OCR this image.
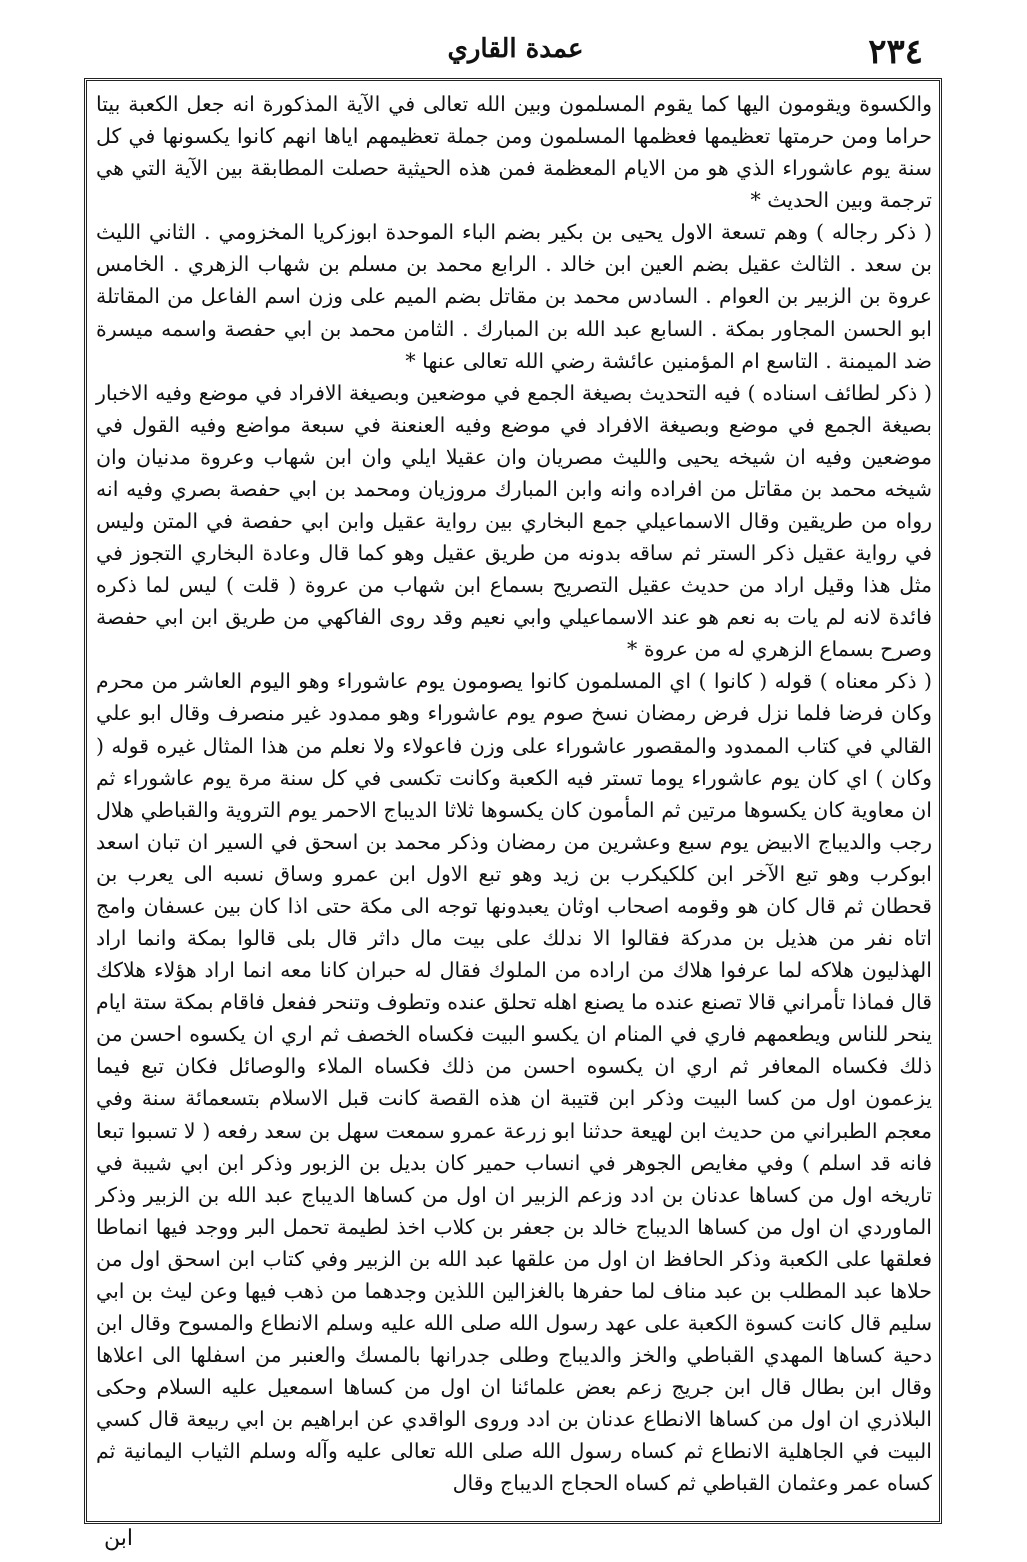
٢٣٤
عمدة القاري

والكسوة ويقومون اليها كما يقوم المسلمون وبين الله تعالى في الآية المذكورة انه جعل الكعبة بيتا حراما ومن حرمتها تعظيمها فعظمها المسلمون ومن جملة تعظيمهم اياها انهم كانوا يكسونها في كل سنة يوم عاشوراء الذي هو من الايام المعظمة فمن هذه الحيثية حصلت المطابقة بين الآية التي هي ترجمة وبين الحديث *

( ذكر رجاله ) وهم تسعة الاول يحيى بن بكير بضم الباء الموحدة ابوزكريا المخزومي . الثاني الليث بن سعد . الثالث عقيل بضم العين ابن خالد . الرابع محمد بن مسلم بن شهاب الزهري . الخامس عروة بن الزبير بن العوام . السادس محمد بن مقاتل بضم الميم على وزن اسم الفاعل من المقاتلة ابو الحسن المجاور بمكة . السابع عبد الله بن المبارك . الثامن محمد بن ابي حفصة واسمه ميسرة ضد الميمنة . التاسع ام المؤمنين عائشة رضي الله تعالى عنها *

( ذكر لطائف اسناده ) فيه التحديث بصيغة الجمع في موضعين وبصيغة الافراد في موضع وفيه الاخبار بصيغة الجمع في موضع وبصيغة الافراد في موضع وفيه العنعنة في سبعة مواضع وفيه القول في موضعين وفيه ان شيخه يحيى والليث مصريان وان عقيلا ايلي وان ابن شهاب وعروة مدنيان وان شيخه محمد بن مقاتل من افراده وانه وابن المبارك مروزيان ومحمد بن ابي حفصة بصري وفيه انه رواه من طريقين وقال الاسماعيلي جمع البخاري بين رواية عقيل وابن ابي حفصة في المتن وليس في رواية عقيل ذكر الستر ثم ساقه بدونه من طريق عقيل وهو كما قال وعادة البخاري التجوز في مثل هذا وقيل اراد من حديث عقيل التصريح بسماع ابن شهاب من عروة ( قلت ) ليس لما ذكره فائدة لانه لم يات به نعم هو عند الاسماعيلي وابي نعيم وقد روى الفاكهي من طريق ابن ابي حفصة وصرح بسماع الزهري له من عروة *

( ذكر معناه ) قوله ( كانوا ) اي المسلمون كانوا يصومون يوم عاشوراء وهو اليوم العاشر من محرم وكان فرضا فلما نزل فرض رمضان نسخ صوم يوم عاشوراء وهو ممدود غير منصرف وقال ابو علي القالي في كتاب الممدود والمقصور عاشوراء على وزن فاعولاء ولا نعلم من هذا المثال غيره قوله ( وكان ) اي كان يوم عاشوراء يوما تستر فيه الكعبة وكانت تكسى في كل سنة مرة يوم عاشوراء ثم ان معاوية كان يكسوها مرتين ثم المأمون كان يكسوها ثلاثا الديباج الاحمر يوم التروية والقباطي هلال رجب والديباج الابيض يوم سبع وعشرين من رمضان وذكر محمد بن اسحق في السير ان تبان اسعد ابوكرب وهو تبع الآخر ابن كلكيكرب بن زيد وهو تبع الاول ابن عمرو وساق نسبه الى يعرب بن قحطان ثم قال كان هو وقومه اصحاب اوثان يعبدونها توجه الى مكة حتى اذا كان بين عسفان وامج اتاه نفر من هذيل بن مدركة فقالوا الا ندلك على بيت مال داثر قال بلى قالوا بمكة وانما اراد الهذليون هلاكه لما عرفوا هلاك من اراده من الملوك فقال له حبران كانا معه انما اراد هؤلاء هلاكك قال فماذا تأمراني قالا تصنع عنده ما يصنع اهله تحلق عنده وتطوف وتنحر ففعل فاقام بمكة ستة ايام ينحر للناس ويطعمهم فاري في المنام ان يكسو البيت فكساه الخصف ثم اري ان يكسوه احسن من ذلك فكساه المعافر ثم اري ان يكسوه احسن من ذلك فكساه الملاء والوصائل فكان تبع فيما يزعمون اول من كسا البيت وذكر ابن قتيبة ان هذه القصة كانت قبل الاسلام بتسعمائة سنة وفي معجم الطبراني من حديث ابن لهيعة حدثنا ابو زرعة عمرو سمعت سهل بن سعد رفعه ( لا تسبوا تبعا فانه قد اسلم ) وفي مغايص الجوهر في انساب حمير كان بديل بن الزبور وذكر ابن ابي شيبة في تاريخه اول من كساها عدنان بن ادد وزعم الزبير ان اول من كساها الديباج عبد الله بن الزبير وذكر الماوردي ان اول من كساها الديباج خالد بن جعفر بن كلاب اخذ لطيمة تحمل البر ووجد فيها انماطا فعلقها على الكعبة وذكر الحافظ ان اول من علقها عبد الله بن الزبير وفي كتاب ابن اسحق اول من حلاها عبد المطلب بن عبد مناف لما حفرها بالغزالين اللذين وجدهما من ذهب فيها وعن ليث بن ابي سليم قال كانت كسوة الكعبة على عهد رسول الله صلى الله عليه وسلم الانطاع والمسوح وقال ابن دحية كساها المهدي القباطي والخز والديباج وطلى جدرانها بالمسك والعنبر من اسفلها الى اعلاها وقال ابن بطال قال ابن جريج زعم بعض علمائنا ان اول من كساها اسمعيل عليه السلام وحكى البلاذري ان اول من كساها الانطاع عدنان بن ادد وروى الواقدي عن ابراهيم بن ابي ربيعة قال كسي البيت في الجاهلية الانطاع ثم كساه رسول الله صلى الله تعالى عليه وآله وسلم الثياب اليمانية ثم كساه عمر وعثمان القباطي ثم كساه الحجاج الديباج وقال

ابن
